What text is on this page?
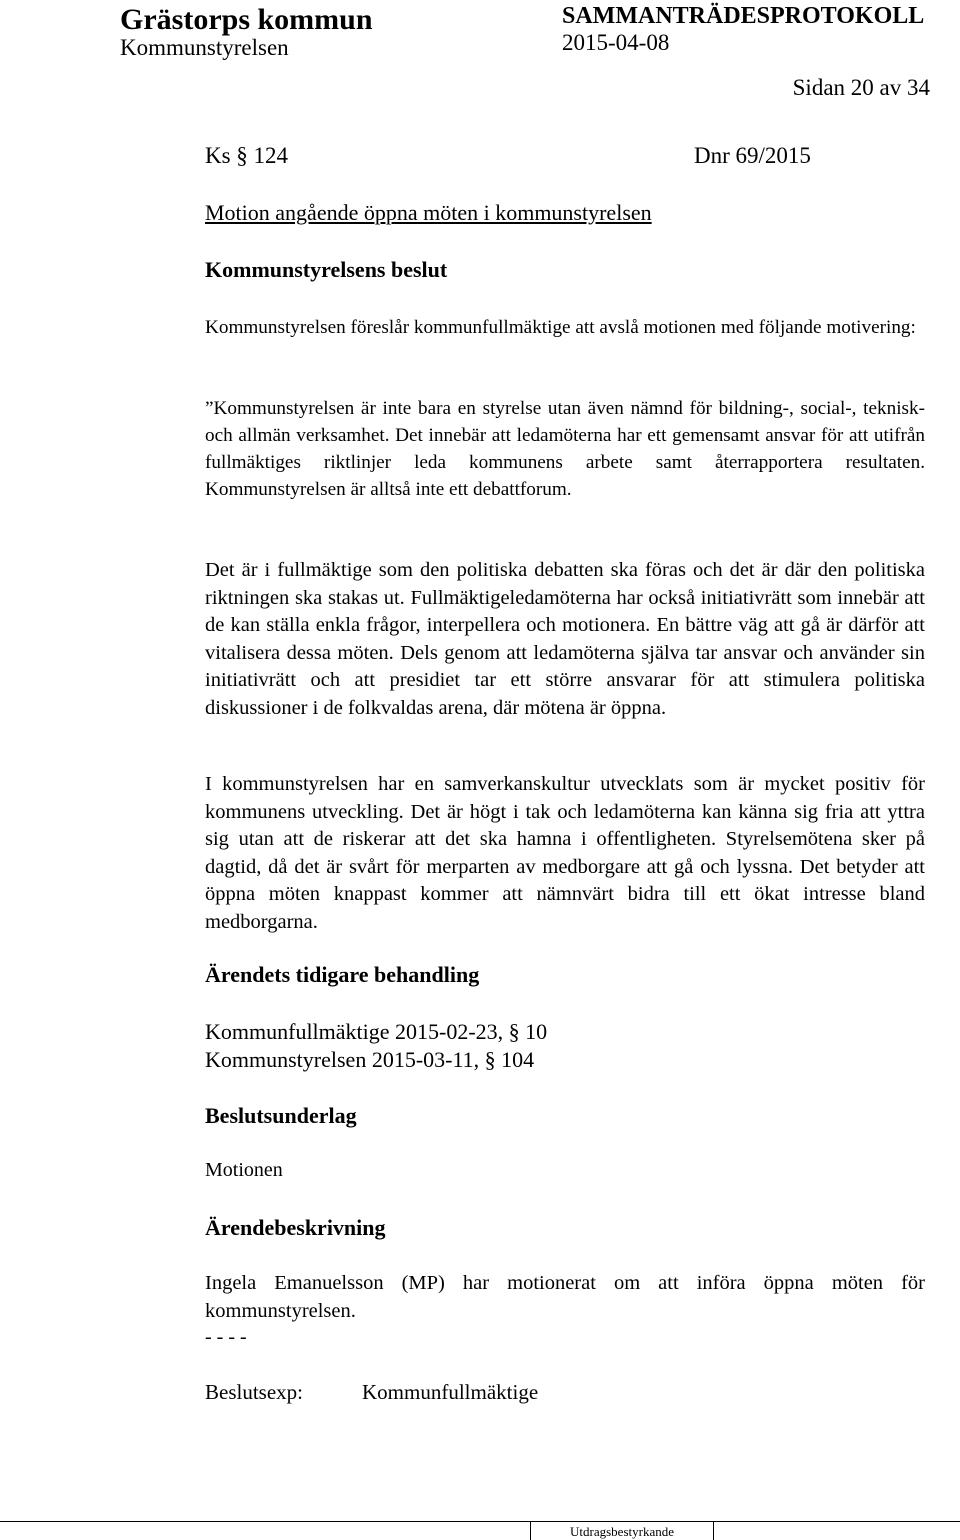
Grästorps kommun
Kommunstyrelsen
SAMMANTRÄDESPROTOKOLL
2015-04-08
Sidan 20 av 34
Ks § 124	Dnr 69/2015
Motion angående öppna möten i kommunstyrelsen
Kommunstyrelsens beslut
Kommunstyrelsen föreslår kommunfullmäktige att avslå motionen med följande motivering:
”Kommunstyrelsen är inte bara en styrelse utan även nämnd för bildning-, social-, teknisk- och allmän verksamhet. Det innebär att ledamöterna har ett gemensamt ansvar för att utifrån fullmäktiges riktlinjer leda kommunens arbete samt återrapportera resultaten. Kommunstyrelsen är alltså inte ett debattforum.
Det är i fullmäktige som den politiska debatten ska föras och det är där den politiska riktningen ska stakas ut. Fullmäktigeledamöterna har också initiativrätt som innebär att de kan ställa enkla frågor, interpellera och motionera. En bättre väg att gå är därför att vitalisera dessa möten. Dels genom att ledamöterna själva tar ansvar och använder sin initiativrätt och att presidiet tar ett större ansvarar för att stimulera politiska diskussioner i de folkvaldas arena, där mötena är öppna.
I kommunstyrelsen har en samverkanskultur utvecklats som är mycket positiv för kommunens utveckling. Det är högt i tak och ledamöterna kan känna sig fria att yttra sig utan att de riskerar att det ska hamna i offentligheten. Styrelsemötena sker på dagtid, då det är svårt för merparten av medborgare att gå och lyssna. Det betyder att öppna möten knappast kommer att nämnvärt bidra till ett ökat intresse bland medborgarna.
Ärendets tidigare behandling
Kommunfullmäktige 2015-02-23, § 10
Kommunstyrelsen 2015-03-11, § 104
Beslutsunderlag
Motionen
Ärendebeskrivning
Ingela Emanuelsson (MP) har motionerat om att införa öppna möten för kommunstyrelsen.
- - - -
Beslutsexp:	Kommunfullmäktige
Utdragsbestyrkande
